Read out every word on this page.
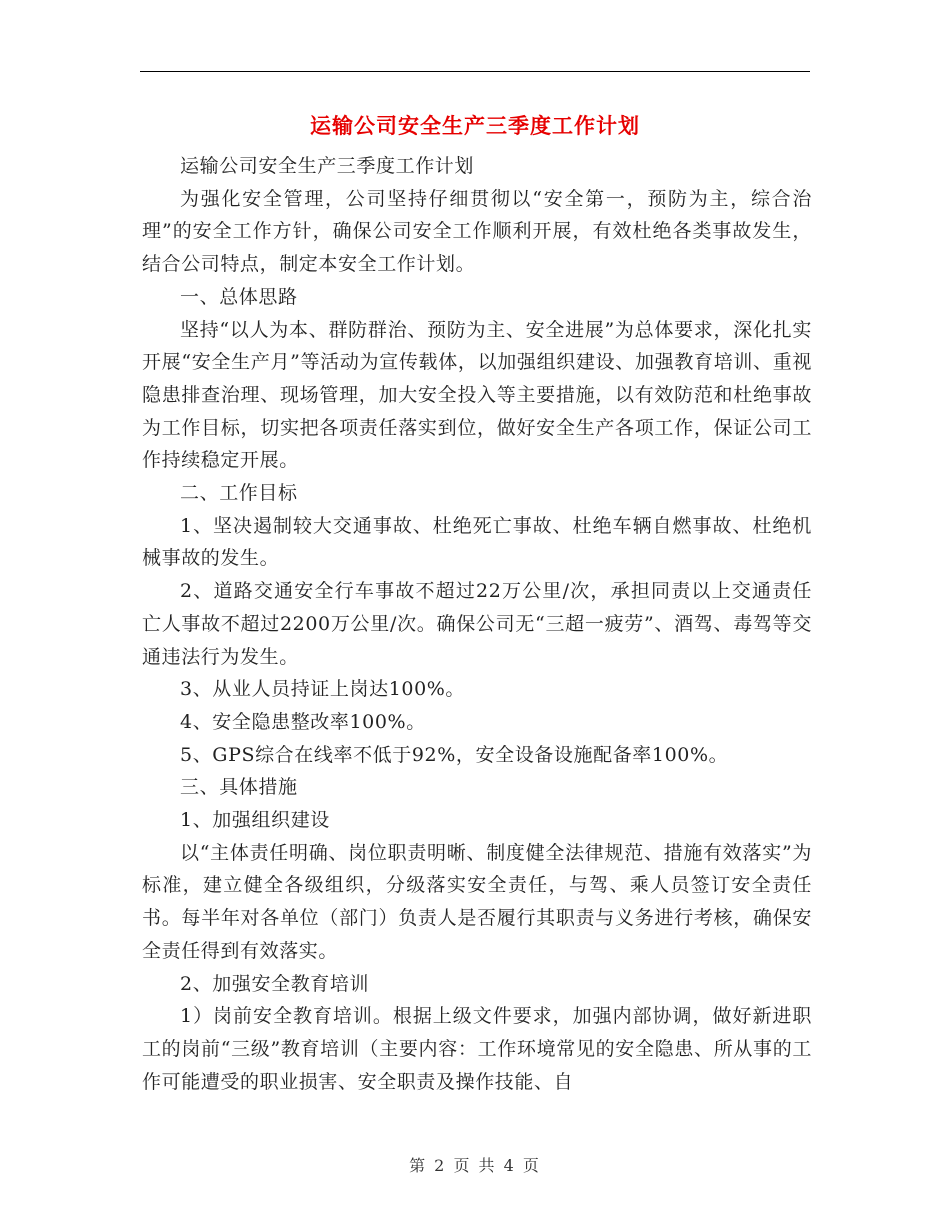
运输公司安全生产三季度工作计划

运输公司安全生产三季度工作计划

为强化安全管理，公司坚持仔细贯彻以“安全第一，预防为主，综合治理”的安全工作方针，确保公司安全工作顺利开展，有效杜绝各类事故发生，结合公司特点，制定本安全工作计划。

一、总体思路

坚持“以人为本、群防群治、预防为主、安全进展”为总体要求，深化扎实开展“安全生产月”等活动为宣传载体，以加强组织建设、加强教育培训、重视隐患排查治理、现场管理，加大安全投入等主要措施，以有效防范和杜绝事故为工作目标，切实把各项责任落实到位，做好安全生产各项工作，保证公司工作持续稳定开展。

二、工作目标

1、坚决遏制较大交通事故、杜绝死亡事故、杜绝车辆自燃事故、杜绝机械事故的发生。

2、道路交通安全行车事故不超过22万公里/次，承担同责以上交通责任亡人事故不超过2200万公里/次。确保公司无“三超一疲劳”、酒驾、毒驾等交通违法行为发生。

3、从业人员持证上岗达100%。

4、安全隐患整改率100%。

5、GPS综合在线率不低于92%，安全设备设施配备率100%。

三、具体措施

1、加强组织建设

以“主体责任明确、岗位职责明晰、制度健全法律规范、措施有效落实”为标准，建立健全各级组织，分级落实安全责任，与驾、乘人员签订安全责任书。每半年对各单位（部门）负责人是否履行其职责与义务进行考核，确保安全责任得到有效落实。

2、加强安全教育培训

1）岗前安全教育培训。根据上级文件要求，加强内部协调，做好新进职工的岗前“三级”教育培训（主要内容：工作环境常见的安全隐患、所从事的工作可能遭受的职业损害、安全职责及操作技能、自

第 2 页 共 4 页
